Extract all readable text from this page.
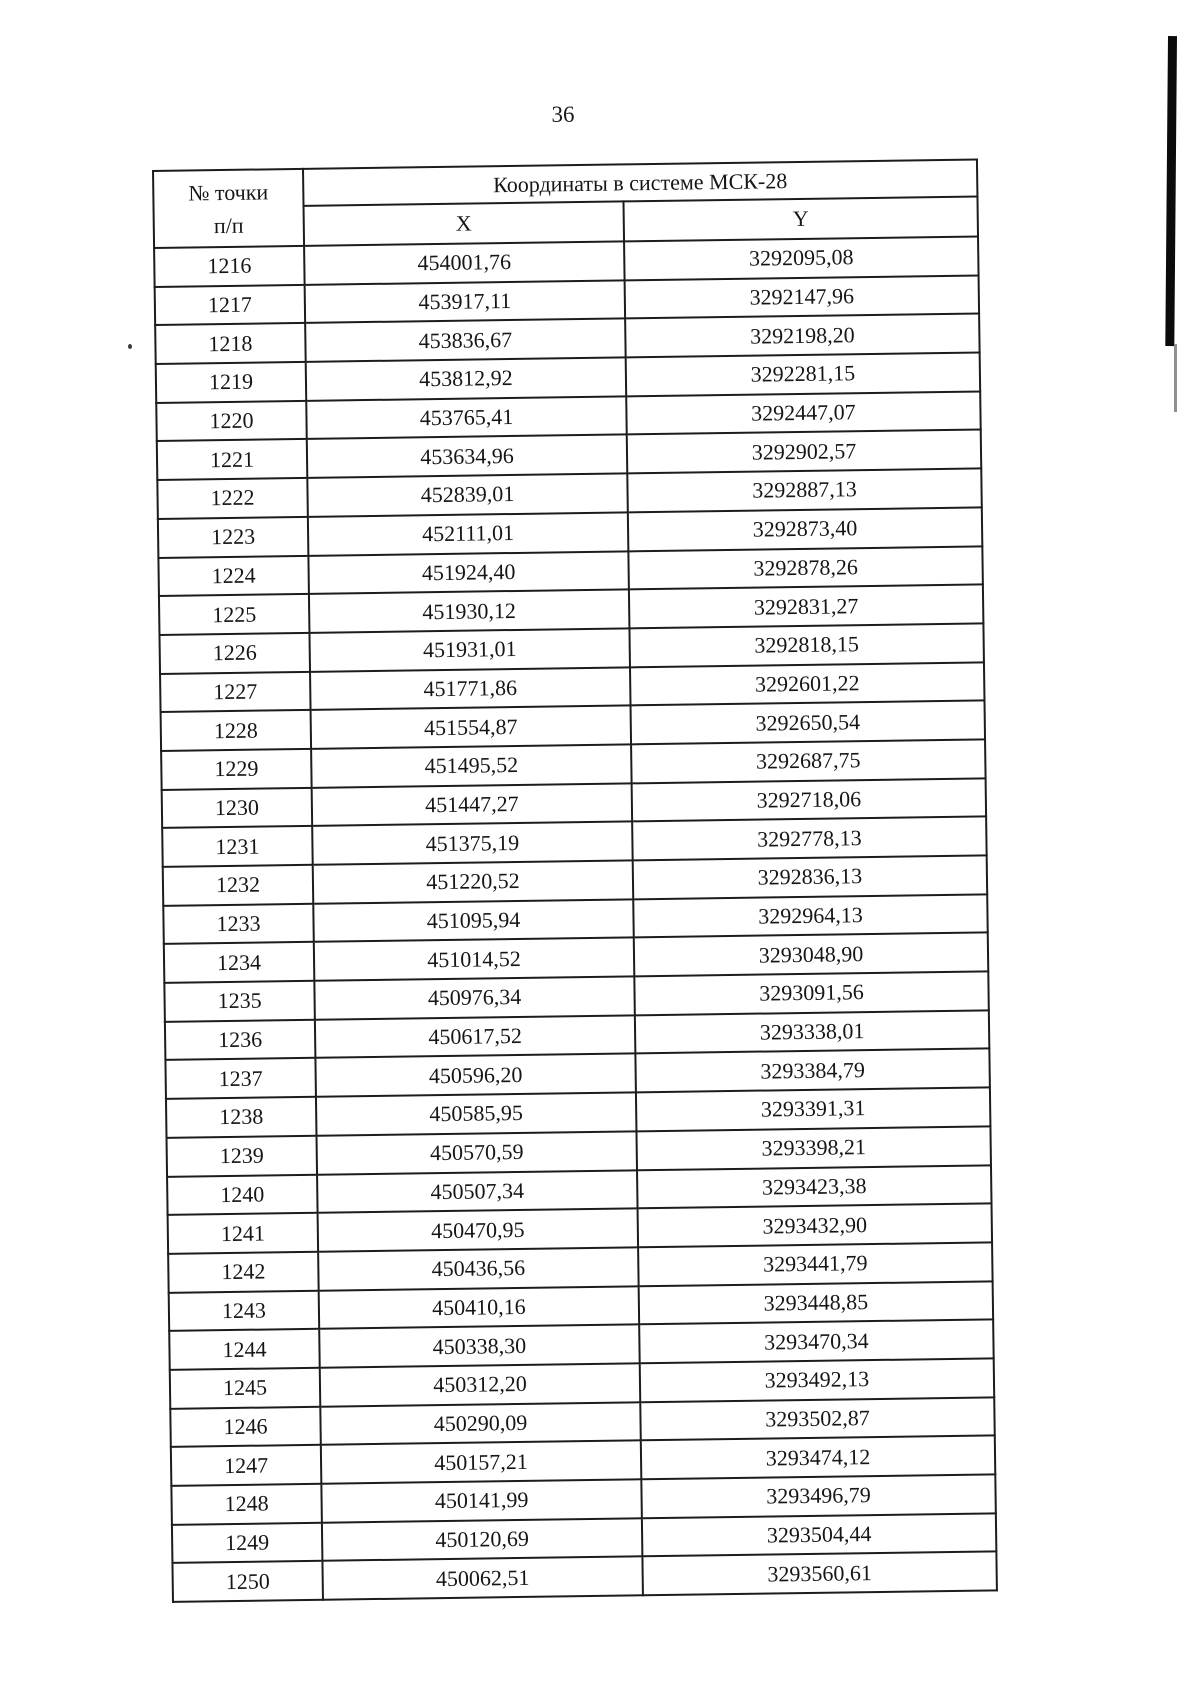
36
№ точки
п/п	Координаты в системе МСК-28	
	X	Y
1216	454001,76	3292095,08
1217	453917,11	3292147,96
1218	453836,67	3292198,20
1219	453812,92	3292281,15
1220	453765,41	3292447,07
1221	453634,96	3292902,57
1222	452839,01	3292887,13
1223	452111,01	3292873,40
1224	451924,40	3292878,26
1225	451930,12	3292831,27
1226	451931,01	3292818,15
1227	451771,86	3292601,22
1228	451554,87	3292650,54
1229	451495,52	3292687,75
1230	451447,27	3292718,06
1231	451375,19	3292778,13
1232	451220,52	3292836,13
1233	451095,94	3292964,13
1234	451014,52	3293048,90
1235	450976,34	3293091,56
1236	450617,52	3293338,01
1237	450596,20	3293384,79
1238	450585,95	3293391,31
1239	450570,59	3293398,21
1240	450507,34	3293423,38
1241	450470,95	3293432,90
1242	450436,56	3293441,79
1243	450410,16	3293448,85
1244	450338,30	3293470,34
1245	450312,20	3293492,13
1246	450290,09	3293502,87
1247	450157,21	3293474,12
1248	450141,99	3293496,79
1249	450120,69	3293504,44
1250	450062,51	3293560,61
